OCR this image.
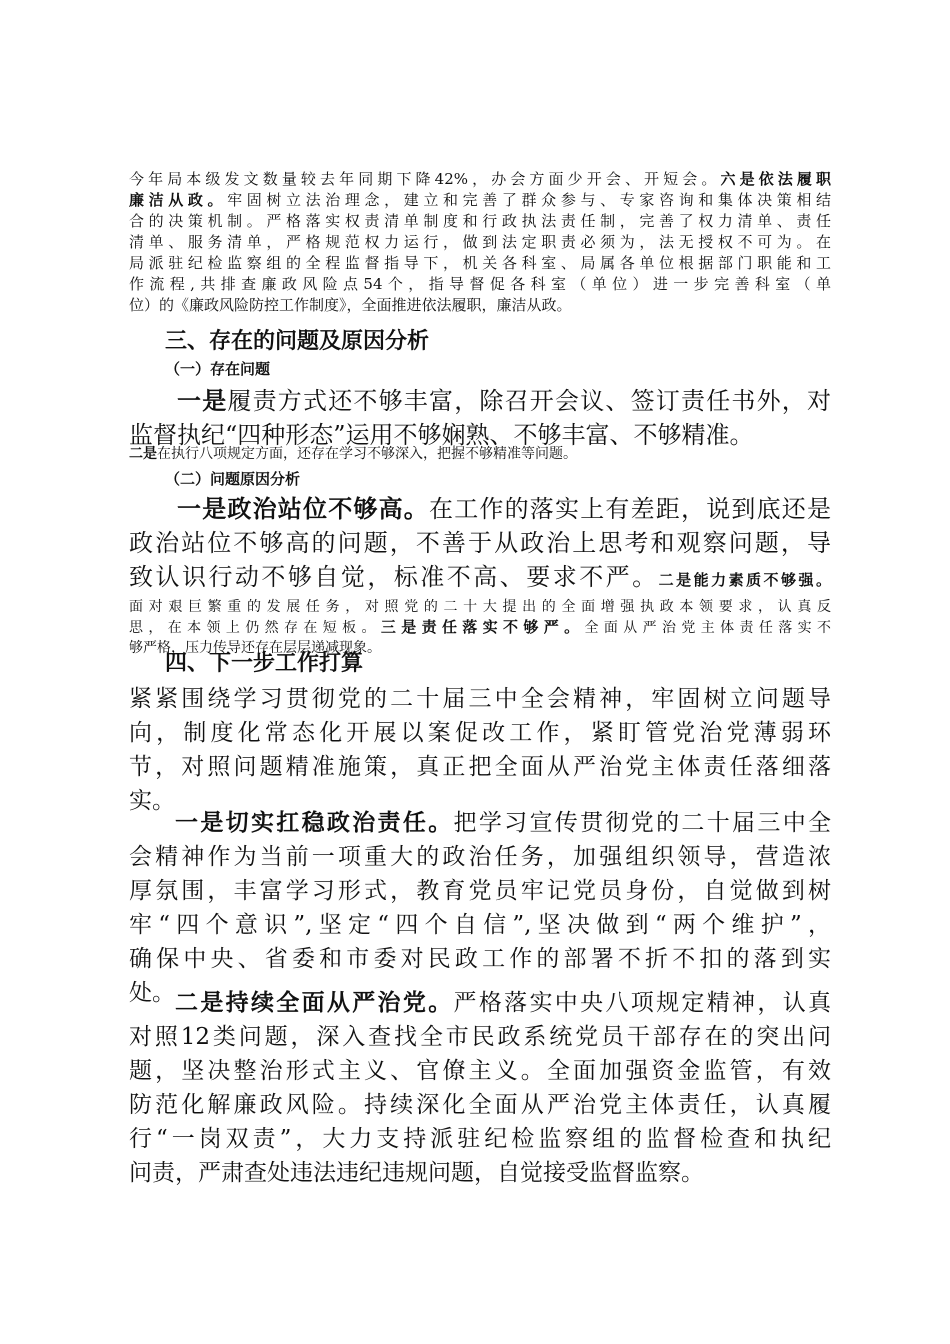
今年局本级发文数量较去年同期下降42%，办会方面少开会、开短会。六是依法履职
廉洁从政。牢固树立法治理念，建立和完善了群众参与、专家咨询和集体决策相结
合的决策机制。严格落实权责清单制度和行政执法责任制，完善了权力清单、责任
清单、服务清单，严格规范权力运行，做到法定职责必须为，法无授权不可为。在
局派驻纪检监察组的全程监督指导下，机关各科室、局属各单位根据部门职能和工
作流程,共排查廉政风险点54个，指导督促各科室（单位）进一步完善科室（单
位）的《廉政风险防控工作制度》，全面推进依法履职，廉洁从政。
三、存在的问题及原因分析
（一）存在问题
一是履责方式还不够丰富，除召开会议、签订责任书外，对
监督执纪“四种形态”运用不够娴熟、不够丰富、不够精准。
二是在执行八项规定方面，还存在学习不够深入，把握不够精准等问题。
（二）问题原因分析
一是政治站位不够高。在工作的落实上有差距，说到底还是
政治站位不够高的问题，不善于从政治上思考和观察问题，导
致认识行动不够自觉，标准不高、要求不严。二是能力素质不够强。
面对艰巨繁重的发展任务，对照党的二十大提出的全面增强执政本领要求，认真反
思，在本领上仍然存在短板。三是责任落实不够严。全面从严治党主体责任落实不
够严格，压力传导还存在层层递减现象。
四、下一步工作打算
紧紧围绕学习贯彻党的二十届三中全会精神，牢固树立问题导
向，制度化常态化开展以案促改工作，紧盯管党治党薄弱环
节，对照问题精准施策，真正把全面从严治党主体责任落细落
实。
一是切实扛稳政治责任。把学习宣传贯彻党的二十届三中全
会精神作为当前一项重大的政治任务，加强组织领导，营造浓
厚氛围，丰富学习形式，教育党员牢记党员身份，自觉做到树
牢“四个意识”,坚定“四个自信”,坚决做到“两个维护”，
确保中央、省委和市委对民政工作的部署不折不扣的落到实
处。 二是持续全面从严治党。严格落实中央八项规定精神，认真
对照12类问题，深入查找全市民政系统党员干部存在的突出问
题，坚决整治形式主义、官僚主义。全面加强资金监管，有效
防范化解廉政风险。持续深化全面从严治党主体责任，认真履
行“一岗双责”，大力支持派驻纪检监察组的监督检查和执纪
问责，严肃查处违法违纪违规问题，自觉接受监督监察。
